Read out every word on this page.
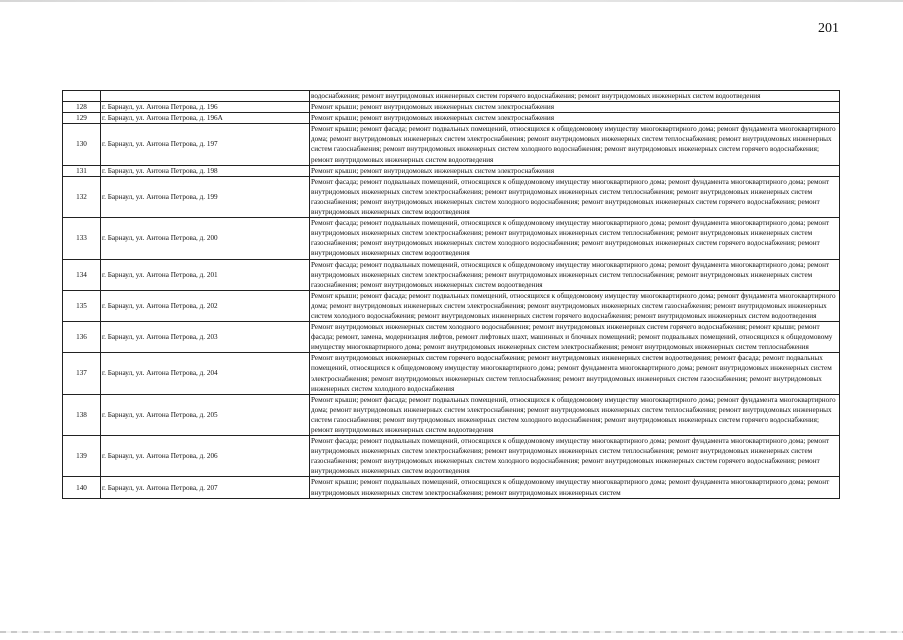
201
		водоснабжения; ремонт внутридомовых инженерных систем горячего водоснабжения; ремонт внутридомовых инженерных систем водоотведения
128	г. Барнаул, ул. Антона Петрова, д. 196	Ремонт крыши; ремонт внутридомовых инженерных систем электроснабжения
129	г. Барнаул, ул. Антона Петрова, д. 196А	Ремонт крыши; ремонт внутридомовых инженерных систем электроснабжения
130	г. Барнаул, ул. Антона Петрова, д. 197	Ремонт крыши; ремонт фасада; ремонт подвальных помещений, относящихся к общедомовому имуществу многоквартирного дома; ремонт фундамента многоквартирного дома; ремонт внутридомовых инженерных систем электроснабжения; ремонт внутридомовых инженерных систем теплоснабжения; ремонт внутридомовых инженерных систем газоснабжения; ремонт внутридомовых инженерных систем холодного водоснабжения; ремонт внутридомовых инженерных систем горячего водоснабжения; ремонт внутридомовых инженерных систем водоотведения
131	г. Барнаул, ул. Антона Петрова, д. 198	Ремонт крыши; ремонт внутридомовых инженерных систем электроснабжения
132	г. Барнаул, ул. Антона Петрова, д. 199	Ремонт фасада; ремонт подвальных помещений, относящихся к общедомовому имуществу многоквартирного дома; ремонт фундамента многоквартирного дома; ремонт внутридомовых инженерных систем электроснабжения; ремонт внутридомовых инженерных систем теплоснабжения; ремонт внутридомовых инженерных систем газоснабжения; ремонт внутридомовых инженерных систем холодного водоснабжения; ремонт внутридомовых инженерных систем горячего водоснабжения; ремонт внутридомовых инженерных систем водоотведения
133	г. Барнаул, ул. Антона Петрова, д. 200	Ремонт фасада; ремонт подвальных помещений, относящихся к общедомовому имуществу многоквартирного дома; ремонт фундамента многоквартирного дома; ремонт внутридомовых инженерных систем электроснабжения; ремонт внутридомовых инженерных систем теплоснабжения; ремонт внутридомовых инженерных систем газоснабжения; ремонт внутридомовых инженерных систем холодного водоснабжения; ремонт внутридомовых инженерных систем горячего водоснабжения; ремонт внутридомовых инженерных систем водоотведения
134	г. Барнаул, ул. Антона Петрова, д. 201	Ремонт фасада; ремонт подвальных помещений, относящихся к общедомовому имуществу многоквартирного дома; ремонт фундамента многоквартирного дома; ремонт внутридомовых инженерных систем электроснабжения; ремонт внутридомовых инженерных систем теплоснабжения; ремонт внутридомовых инженерных систем газоснабжения; ремонт внутридомовых инженерных систем водоотведения
135	г. Барнаул, ул. Антона Петрова, д. 202	Ремонт крыши; ремонт фасада; ремонт подвальных помещений, относящихся к общедомовому имуществу многоквартирного дома; ремонт фундамента многоквартирного дома; ремонт внутридомовых инженерных систем электроснабжения; ремонт внутридомовых инженерных систем газоснабжения; ремонт внутридомовых инженерных систем холодного водоснабжения; ремонт внутридомовых инженерных систем горячего водоснабжения; ремонт внутридомовых инженерных систем водоотведения
136	г. Барнаул, ул. Антона Петрова, д. 203	Ремонт внутридомовых инженерных систем холодного водоснабжения; ремонт внутридомовых инженерных систем горячего водоснабжения; ремонт крыши; ремонт фасада; ремонт, замена, модернизация лифтов, ремонт лифтовых шахт, машинных и блочных помещений; ремонт подвальных помещений, относящихся к общедомовому имуществу многоквартирного дома; ремонт внутридомовых инженерных систем электроснабжения; ремонт внутридомовых инженерных систем теплоснабжения
137	г. Барнаул, ул. Антона Петрова, д. 204	Ремонт внутридомовых инженерных систем горячего водоснабжения; ремонт внутридомовых инженерных систем водоотведения; ремонт фасада; ремонт подвальных помещений, относящихся к общедомовому имуществу многоквартирного дома; ремонт фундамента многоквартирного дома; ремонт внутридомовых инженерных систем электроснабжения; ремонт внутридомовых инженерных систем теплоснабжения; ремонт внутридомовых инженерных систем газоснабжения; ремонт внутридомовых инженерных систем холодного водоснабжения
138	г. Барнаул, ул. Антона Петрова, д. 205	Ремонт крыши; ремонт фасада; ремонт подвальных помещений, относящихся к общедомовому имуществу многоквартирного дома; ремонт фундамента многоквартирного дома; ремонт внутридомовых инженерных систем электроснабжения; ремонт внутридомовых инженерных систем теплоснабжения; ремонт внутридомовых инженерных систем газоснабжения; ремонт внутридомовых инженерных систем холодного водоснабжения; ремонт внутридомовых инженерных систем горячего водоснабжения; ремонт внутридомовых инженерных систем водоотведения
139	г. Барнаул, ул. Антона Петрова, д. 206	Ремонт фасада; ремонт подвальных помещений, относящихся к общедомовому имуществу многоквартирного дома; ремонт фундамента многоквартирного дома; ремонт внутридомовых инженерных систем электроснабжения; ремонт внутридомовых инженерных систем теплоснабжения; ремонт внутридомовых инженерных систем газоснабжения; ремонт внутридомовых инженерных систем холодного водоснабжения; ремонт внутридомовых инженерных систем горячего водоснабжения; ремонт внутридомовых инженерных систем водоотведения
140	г. Барнаул, ул. Антона Петрова, д. 207	Ремонт крыши; ремонт подвальных помещений, относящихся к общедомовому имуществу многоквартирного дома; ремонт фундамента многоквартирного дома; ремонт внутридомовых инженерных систем электроснабжения; ремонт внутридомовых инженерных систем
